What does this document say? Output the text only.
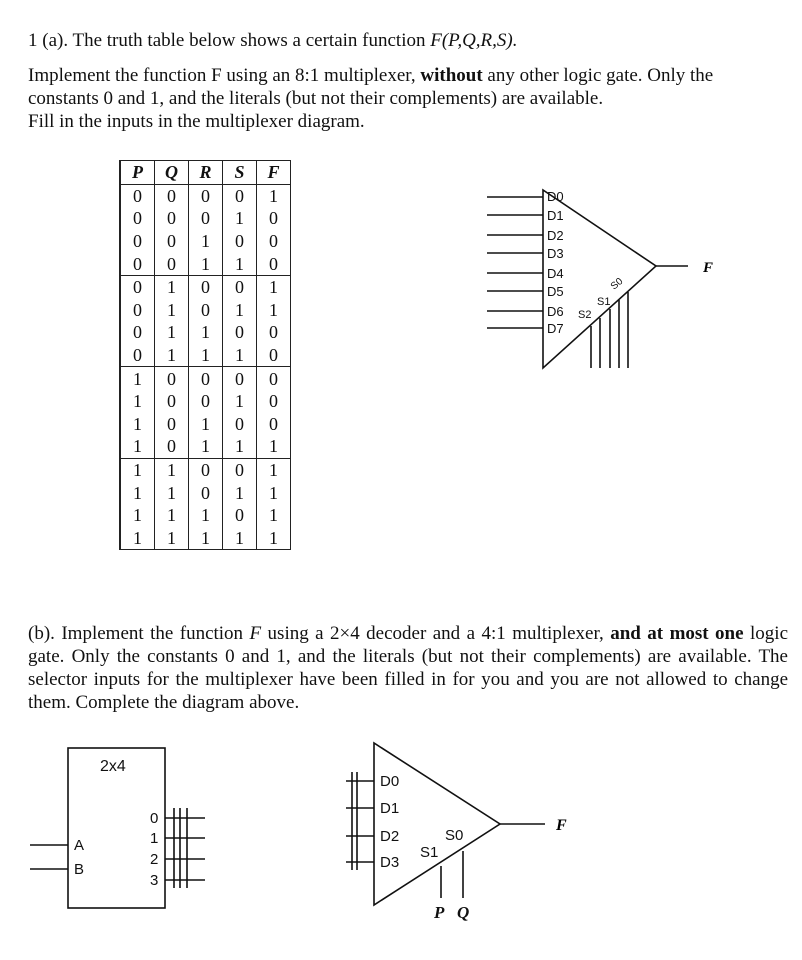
1 (a). The truth table below shows a certain function F(P,Q,R,S).

Implement the function F using an 8:1 multiplexer, without any other logic gate. Only the

constants 0 and 1, and the literals (but not their complements) are available.

Fill in the inputs in the multiplexer diagram.

P	Q	R	S	F
0	0	0	0	1
0	0	0	1	0
0	0	1	0	0
0	0	1	1	0
0	1	0	0	1
0	1	0	1	1
0	1	1	0	0
0	1	1	1	0
1	0	0	0	0
1	0	0	1	0
1	0	1	0	0
1	0	1	1	1
1	1	0	0	1
1	1	0	1	1
1	1	1	0	1
1	1	1	1	1

(b). Implement the function F using a 2×4 decoder and a 4:1 multiplexer, and at most one logic gate. Only the constants 0 and 1, and the literals (but not their complements) are available. The selector inputs for the multiplexer have been filled in for you and you are not allowed to change them. Complete the diagram above.

D0
D1
D2
D3
D4
D5
D6
D7
S0
S1
S2
F
2x4
A
B
0
1
2
3
D0
D1
D2
D3
S0
S1
P Q
F
